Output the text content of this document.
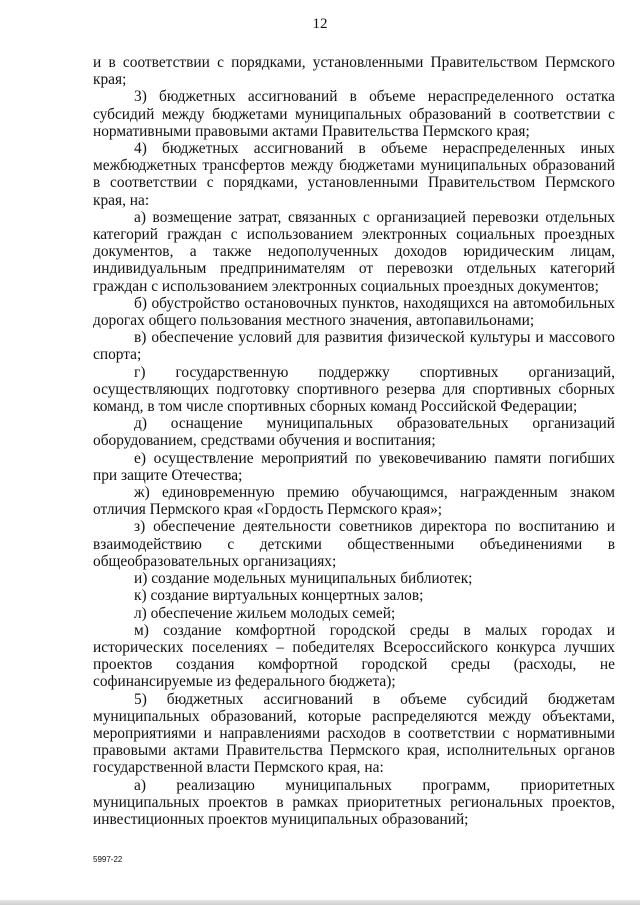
12

и в соответствии с порядками, установленными Правительством Пермского края;

3) бюджетных ассигнований в объеме нераспределенного остатка субсидий между бюджетами муниципальных образований в соответствии с нормативными правовыми актами Правительства Пермского края;

4) бюджетных ассигнований в объеме нераспределенных иных межбюджетных трансфертов между бюджетами муниципальных образований в соответствии с порядками, установленными Правительством Пермского края, на:

а) возмещение затрат, связанных с организацией перевозки отдельных категорий граждан с использованием электронных социальных проездных документов, а также недополученных доходов юридическим лицам, индивидуальным предпринимателям от перевозки отдельных категорий граждан с использованием электронных социальных проездных документов;

б) обустройство остановочных пунктов, находящихся на автомобильных дорогах общего пользования местного значения, автопавильонами;

в) обеспечение условий для развития физической культуры и массового спорта;

г) государственную поддержку спортивных организаций, осуществляющих подготовку спортивного резерва для спортивных сборных команд, в том числе спортивных сборных команд Российской Федерации;

д) оснащение муниципальных образовательных организаций оборудованием, средствами обучения и воспитания;

е) осуществление мероприятий по увековечиванию памяти погибших при защите Отечества;

ж) единовременную премию обучающимся, награжденным знаком отличия Пермского края «Гордость Пермского края»;

з) обеспечение деятельности советников директора по воспитанию и взаимодействию с детскими общественными объединениями в общеобразовательных организациях;

и) создание модельных муниципальных библиотек;

к) создание виртуальных концертных залов;

л) обеспечение жильем молодых семей;

м) создание комфортной городской среды в малых городах и исторических поселениях – победителях Всероссийского конкурса лучших проектов создания комфортной городской среды (расходы, не софинансируемые из федерального бюджета);

5) бюджетных ассигнований в объеме субсидий бюджетам муниципальных образований, которые распределяются между объектами, мероприятиями и направлениями расходов в соответствии с нормативными правовыми актами Правительства Пермского края, исполнительных органов государственной власти Пермского края, на:

а) реализацию муниципальных программ, приоритетных муниципальных проектов в рамках приоритетных региональных проектов, инвестиционных проектов муниципальных образований;

5997-22
